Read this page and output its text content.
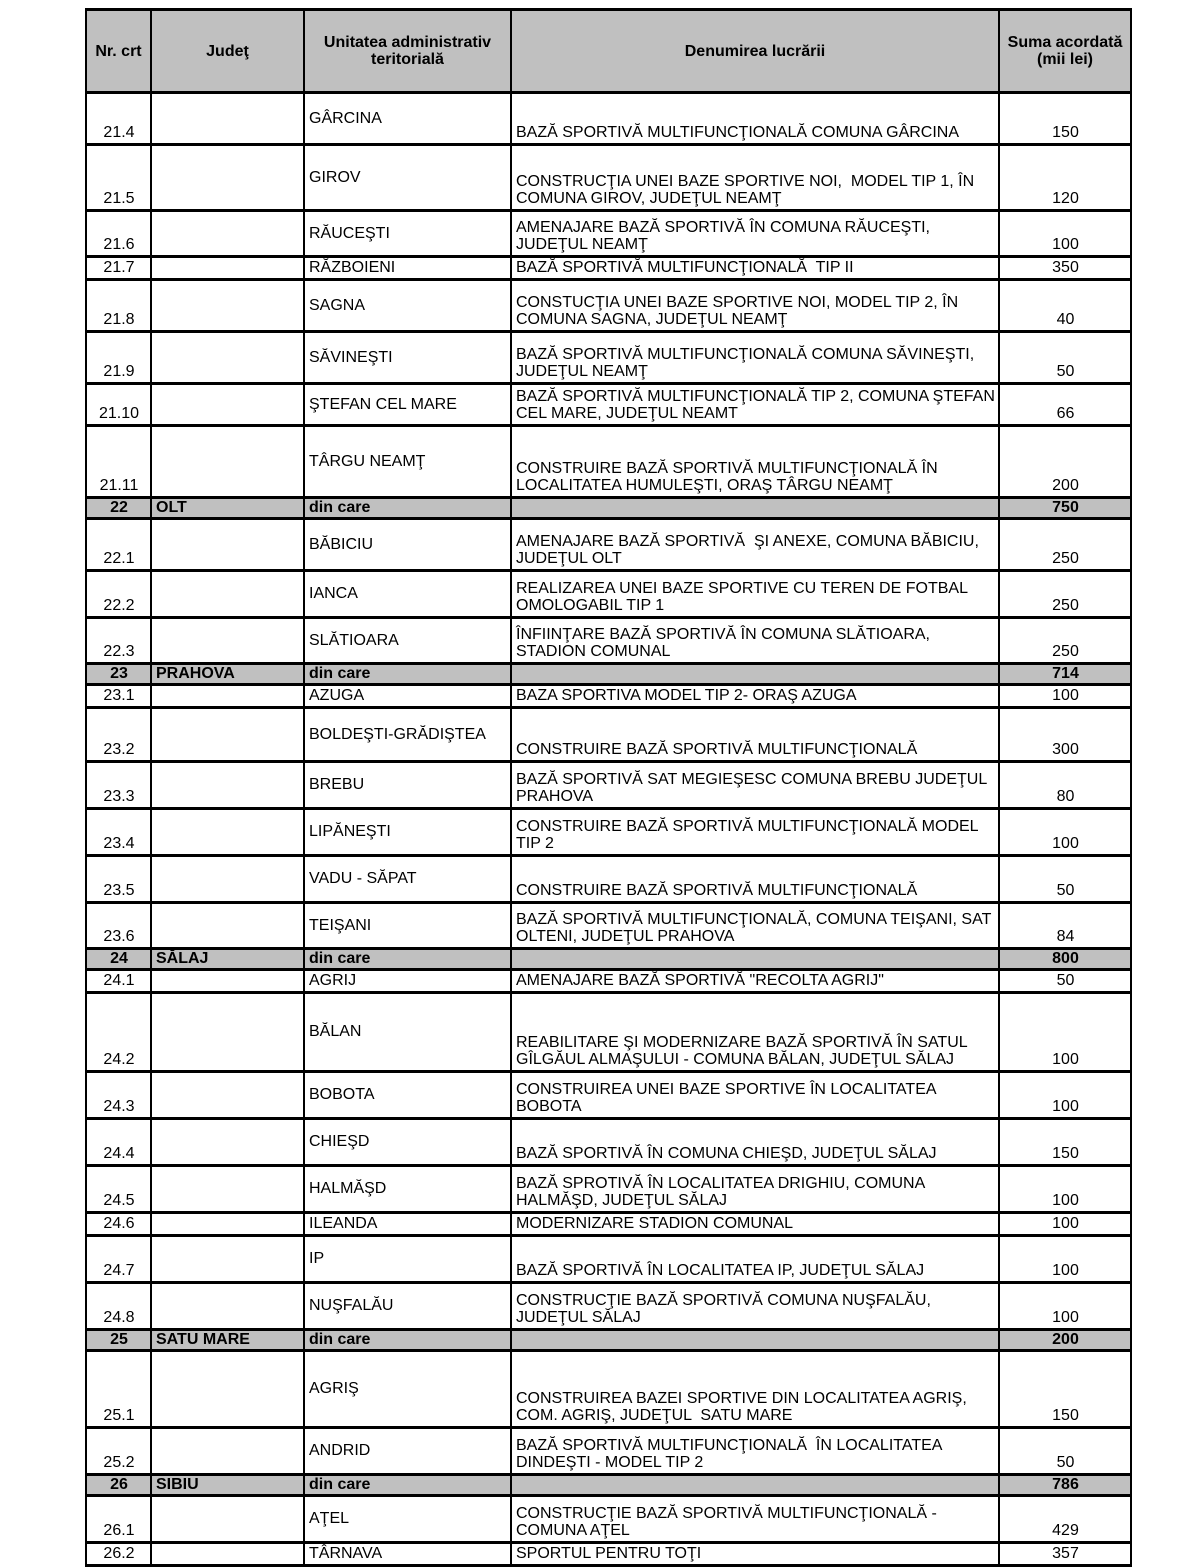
Nr. crt	Judeţ	Unitatea administrativ teritorială	Denumirea lucrării	Suma acordată (mii lei)
21.4		GÂRCINA	BAZĂ SPORTIVĂ MULTIFUNCŢIONALĂ COMUNA GÂRCINA	150
21.5		GIROV	CONSTRUCŢIA UNEI BAZE SPORTIVE NOI,  MODEL TIP 1, ÎN COMUNA GIROV, JUDEŢUL NEAMŢ	120
21.6		RĂUCEŞTI	AMENAJARE BAZĂ SPORTIVĂ ÎN COMUNA RĂUCEŞTI, JUDEŢUL NEAMŢ	100
21.7		RĂZBOIENI	BAZĂ SPORTIVĂ MULTIFUNCŢIONALĂ  TIP II	350
21.8		SAGNA	CONSTUCŢIA UNEI BAZE SPORTIVE NOI, MODEL TIP 2, ÎN COMUNA SAGNA, JUDEŢUL NEAMŢ	40
21.9		SĂVINEŞTI	BAZĂ SPORTIVĂ MULTIFUNCŢIONALĂ COMUNA SĂVINEŞTI, JUDEŢUL NEAMŢ	50
21.10		ŞTEFAN CEL MARE	BAZĂ SPORTIVĂ MULTIFUNCŢIONALĂ TIP 2, COMUNA ŞTEFAN CEL MARE, JUDEŢUL NEAMT	66
21.11		TÂRGU NEAMŢ	CONSTRUIRE BAZĂ SPORTIVĂ MULTIFUNCŢIONALĂ ÎN LOCALITATEA HUMULEŞTI, ORAŞ TÂRGU NEAMŢ	200
22	OLT	din care		750
22.1		BĂBICIU	AMENAJARE BAZĂ SPORTIVĂ  ŞI ANEXE, COMUNA BĂBICIU, JUDEŢUL OLT	250
22.2		IANCA	REALIZAREA UNEI BAZE SPORTIVE CU TEREN DE FOTBAL OMOLOGABIL TIP 1	250
22.3		SLĂTIOARA	ÎNFIINŢARE BAZĂ SPORTIVĂ ÎN COMUNA SLĂTIOARA, STADION COMUNAL	250
23	PRAHOVA	din care		714
23.1		AZUGA	BAZA SPORTIVA MODEL TIP 2- ORAŞ AZUGA	100
23.2		BOLDEŞTI-GRĂDIŞTEA	CONSTRUIRE BAZĂ SPORTIVĂ MULTIFUNCŢIONALĂ	300
23.3		BREBU	BAZĂ SPORTIVĂ SAT MEGIEŞESC COMUNA BREBU JUDEŢUL PRAHOVA	80
23.4		LIPĂNEŞTI	CONSTRUIRE BAZĂ SPORTIVĂ MULTIFUNCŢIONALĂ MODEL TIP 2	100
23.5		VADU - SĂPAT	CONSTRUIRE BAZĂ SPORTIVĂ MULTIFUNCŢIONALĂ	50
23.6		TEIŞANI	BAZĂ SPORTIVĂ MULTIFUNCŢIONALĂ, COMUNA TEIŞANI, SAT OLTENI, JUDEŢUL PRAHOVA	84
24	SĂLAJ	din care		800
24.1		AGRIJ	AMENAJARE BAZĂ SPORTIVĂ "RECOLTA AGRIJ"	50
24.2		BĂLAN	REABILITARE ŞI MODERNIZARE BAZĂ SPORTIVĂ ÎN SATUL GÎLGĂUL ALMAŞULUI - COMUNA BĂLAN, JUDEŢUL SĂLAJ	100
24.3		BOBOTA	CONSTRUIREA UNEI BAZE SPORTIVE ÎN LOCALITATEA BOBOTA	100
24.4		CHIEŞD	BAZĂ SPORTIVĂ ÎN COMUNA CHIEŞD, JUDEŢUL SĂLAJ	150
24.5		HALMĂŞD	BAZĂ SPROTIVĂ ÎN LOCALITATEA DRIGHIU, COMUNA HALMĂŞD, JUDEŢUL SĂLAJ	100
24.6		ILEANDA	MODERNIZARE STADION COMUNAL	100
24.7		IP	BAZĂ SPORTIVĂ ÎN LOCALITATEA IP, JUDEŢUL SĂLAJ	100
24.8		NUŞFALĂU	CONSTRUCŢIE BAZĂ SPORTIVĂ COMUNA NUŞFALĂU, JUDEŢUL SĂLAJ	100
25	SATU MARE	din care		200
25.1		AGRIŞ	CONSTRUIREA BAZEI SPORTIVE DIN LOCALITATEA AGRIŞ, COM. AGRIŞ, JUDEŢUL  SATU MARE	150
25.2		ANDRID	BAZĂ SPORTIVĂ MULTIFUNCŢIONALĂ  ÎN LOCALITATEA DINDEŞTI - MODEL TIP 2	50
26	SIBIU	din care		786
26.1		AŢEL	CONSTRUCŢIE BAZĂ SPORTIVĂ MULTIFUNCŢIONALĂ - COMUNA AŢEL	429
26.2		TÂRNAVA	SPORTUL PENTRU TOŢI	357
